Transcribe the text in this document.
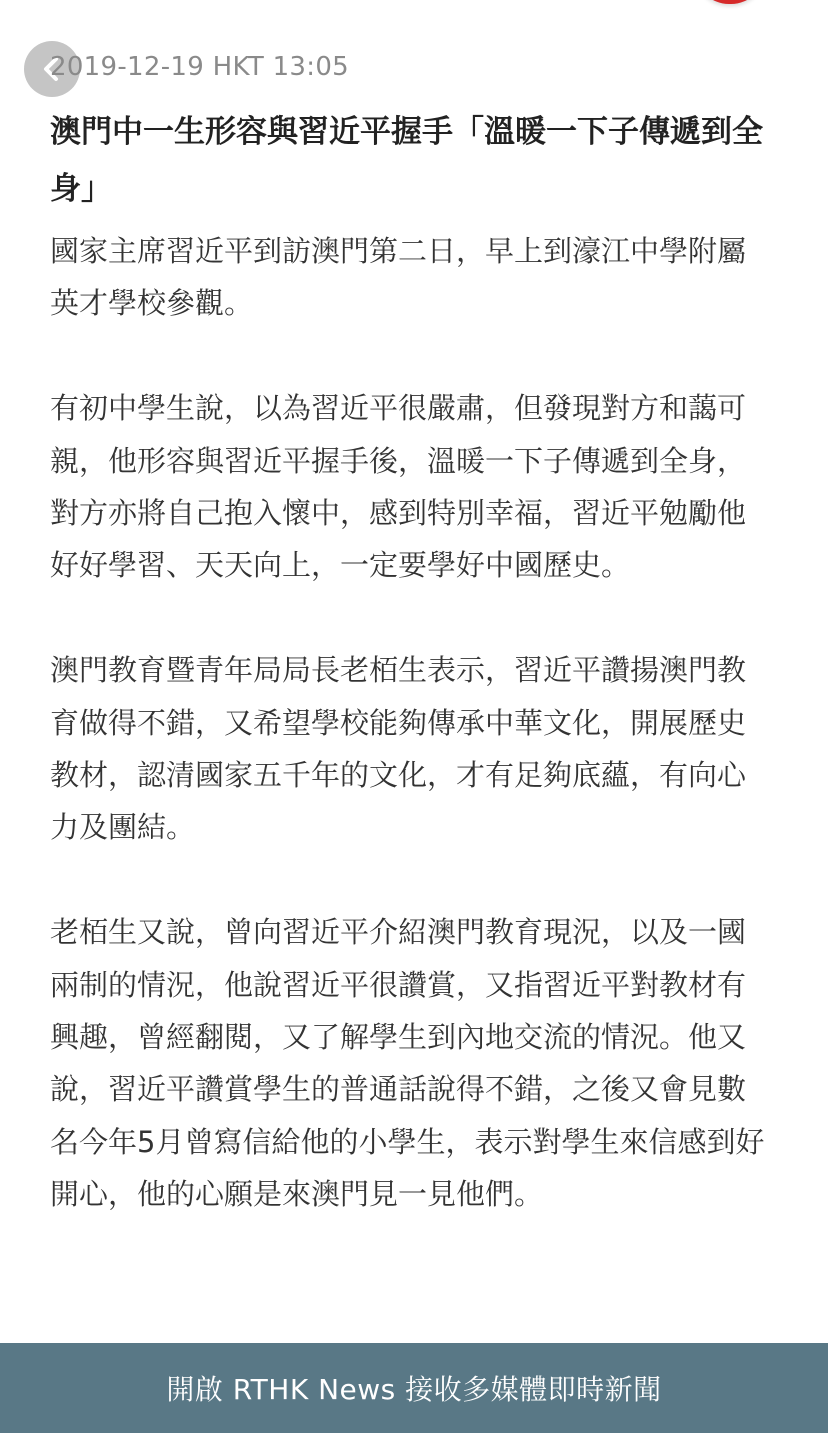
2019-12-19 HKT 13:05
澳門中一生形容與習近平握手「溫暖一下子傳遞到全身」

國家主席習近平到訪澳門第二日，早上到濠江中學附屬英才學校參觀。

有初中學生說，以為習近平很嚴肅，但發現對方和藹可親，他形容與習近平握手後，溫暖一下子傳遞到全身，對方亦將自己抱入懷中，感到特別幸福，習近平勉勵他好好學習、天天向上，一定要學好中國歷史。

澳門教育暨青年局局長老栢生表示，習近平讚揚澳門教育做得不錯，又希望學校能夠傳承中華文化，開展歷史教材，認清國家五千年的文化，才有足夠底蘊，有向心力及團結。

老栢生又說，曾向習近平介紹澳門教育現況，以及一國兩制的情況，他說習近平很讚賞，又指習近平對教材有興趣，曾經翻閱，又了解學生到內地交流的情況。他又說，習近平讚賞學生的普通話說得不錯，之後又會見數名今年5月曾寫信給他的小學生，表示對學生來信感到好開心，他的心願是來澳門見一見他們。

開啟 RTHK News 接收多媒體即時新聞
